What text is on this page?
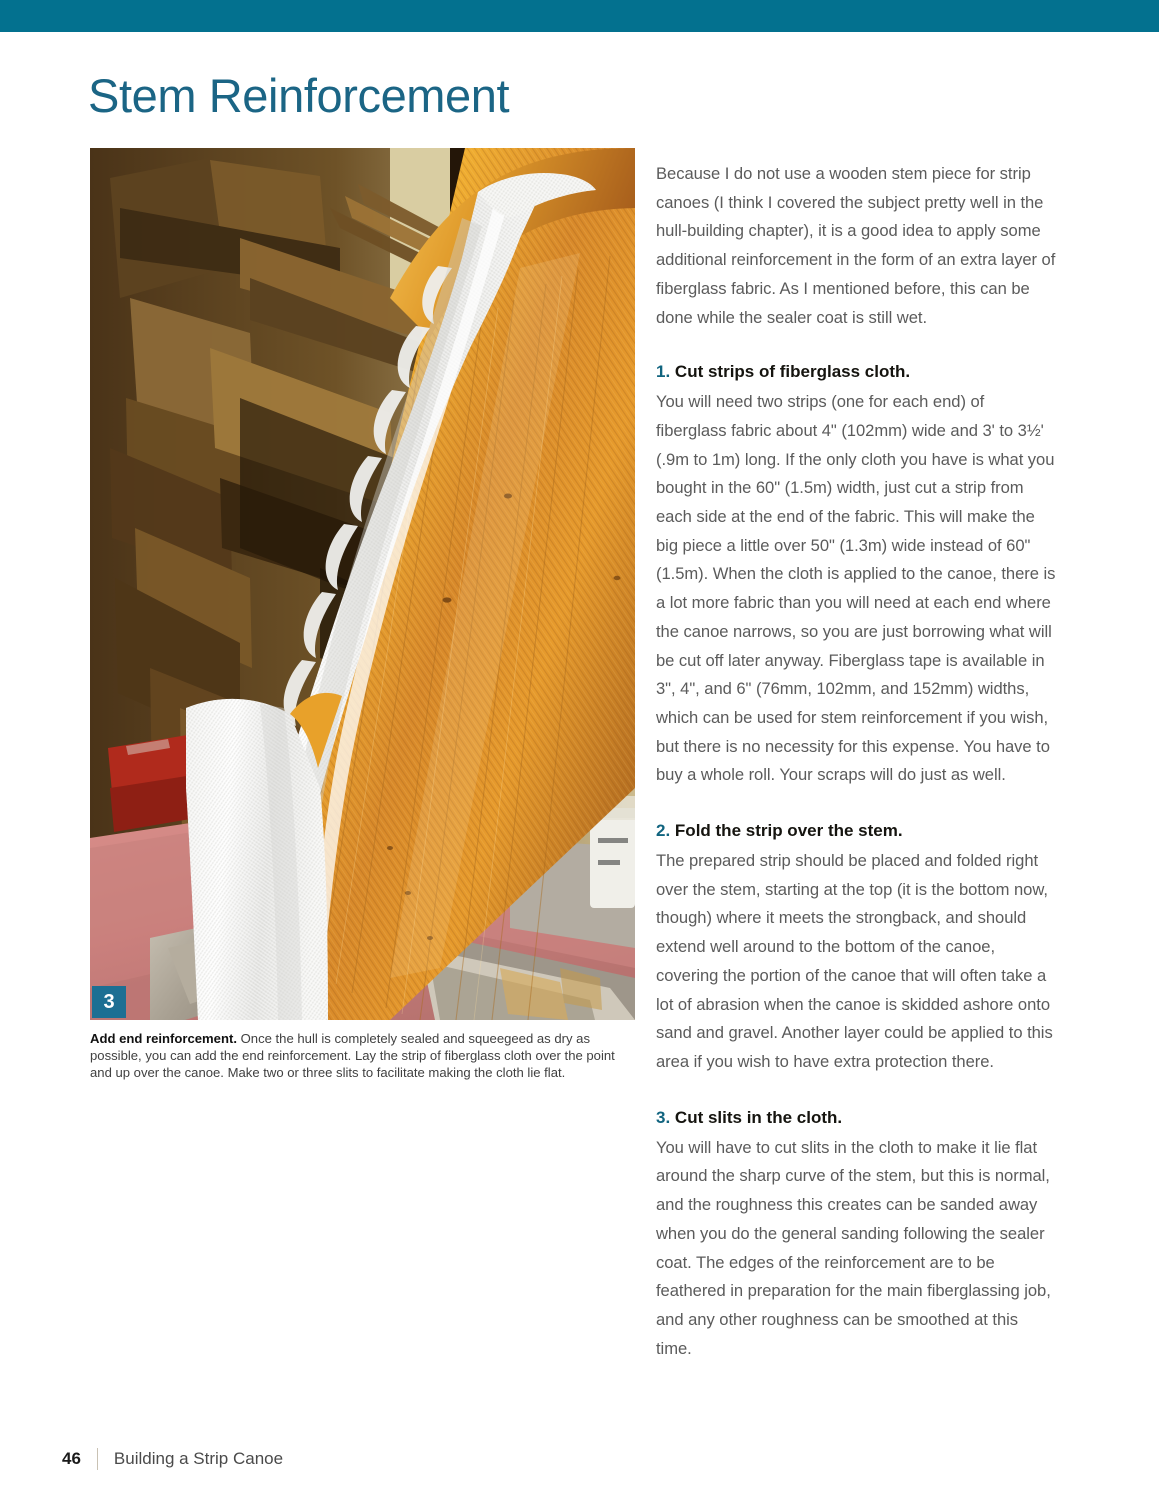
Stem Reinforcement
3
Add end reinforcement. Once the hull is completely sealed and squeegeed as dry as possible, you can add the end reinforcement. Lay the strip of fiberglass cloth over the point and up over the canoe. Make two or three slits to facilitate making the cloth lie flat.

Because I do not use a wooden stem piece for strip canoes (I think I covered the subject pretty well in the hull-building chapter), it is a good idea to apply some additional reinforcement in the form of an extra layer of fiberglass fabric. As I mentioned before, this can be done while the sealer coat is still wet.

1. Cut strips of fiberglass cloth.

You will need two strips (one for each end) of fiberglass fabric about 4" (102mm) wide and 3' to 3½' (.9m to 1m) long. If the only cloth you have is what you bought in the 60" (1.5m) width, just cut a strip from each side at the end of the fabric. This will make the big piece a little over 50" (1.3m) wide instead of 60" (1.5m). When the cloth is applied to the canoe, there is a lot more fabric than you will need at each end where the canoe narrows, so you are just borrowing what will be cut off later anyway. Fiberglass tape is available in 3", 4", and 6" (76mm, 102mm, and 152mm) widths, which can be used for stem reinforcement if you wish, but there is no necessity for this expense. You have to buy a whole roll. Your scraps will do just as well.

2. Fold the strip over the stem.

The prepared strip should be placed and folded right over the stem, starting at the top (it is the bottom now, though) where it meets the strongback, and should extend well around to the bottom of the canoe, covering the portion of the canoe that will often take a lot of abrasion when the canoe is skidded ashore onto sand and gravel. Another layer could be applied to this area if you wish to have extra protection there.

3. Cut slits in the cloth.

You will have to cut slits in the cloth to make it lie flat around the sharp curve of the stem, but this is normal, and the roughness this creates can be sanded away when you do the general sanding following the sealer coat. The edges of the reinforcement are to be feathered in preparation for the main fiberglassing job, and any other roughness can be smoothed at this time.

46 Building a Strip Canoe
